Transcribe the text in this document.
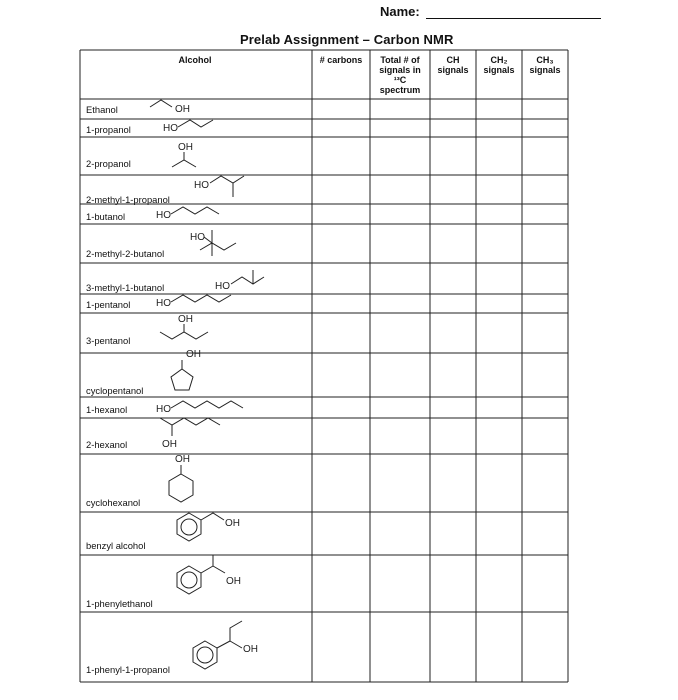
Name:
Prelab Assignment – Carbon NMR
Alcohol	# carbons	Total # of
signals in
¹³C
spectrum
CH
signals
CH₂
signals
CH₃
signals
Ethanol
1-propanol
2-propanol
2-methyl-1-propanol
1-butanol
2-methyl-2-butanol
3-methyl-1-butanol
1-pentanol
3-pentanol
cyclopentanol
1-hexanol
2-hexanol
cyclohexanol
benzyl alcohol
1-phenylethanol
1-phenyl-1-propanol
OH
HO
OH
HO
HO
HO
HO
HO
OH
OH
HO
OH
OH
OH
OH
OH
